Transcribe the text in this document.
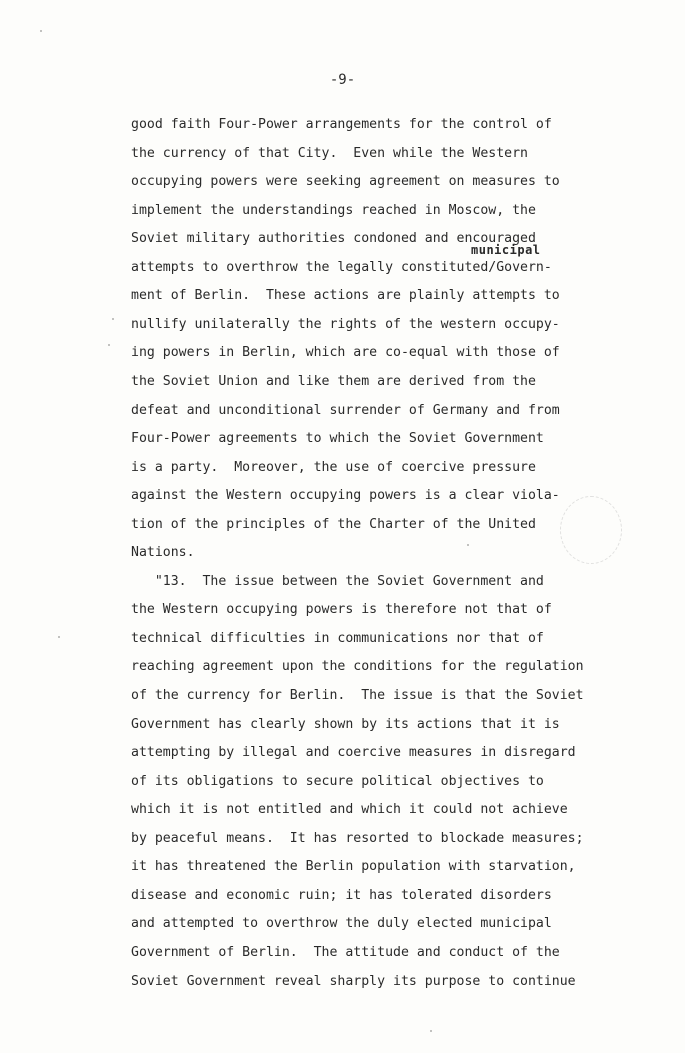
-9-
municipal
good faith Four-Power arrangements for the control of
the currency of that City.  Even while the Western
occupying powers were seeking agreement on measures to
implement the understandings reached in Moscow, the
Soviet military authorities condoned and encouraged
attempts to overthrow the legally constituted/Govern-
ment of Berlin.  These actions are plainly attempts to
nullify unilaterally the rights of the western occupy-
ing powers in Berlin, which are co-equal with those of
the Soviet Union and like them are derived from the
defeat and unconditional surrender of Germany and from
Four-Power agreements to which the Soviet Government
is a party.  Moreover, the use of coercive pressure
against the Western occupying powers is a clear viola-
tion of the principles of the Charter of the United
Nations.
"13.  The issue between the Soviet Government and
the Western occupying powers is therefore not that of
technical difficulties in communications nor that of
reaching agreement upon the conditions for the regulation
of the currency for Berlin.  The issue is that the Soviet
Government has clearly shown by its actions that it is
attempting by illegal and coercive measures in disregard
of its obligations to secure political objectives to
which it is not entitled and which it could not achieve
by peaceful means.  It has resorted to blockade measures;
it has threatened the Berlin population with starvation,
disease and economic ruin; it has tolerated disorders
and attempted to overthrow the duly elected municipal
Government of Berlin.  The attitude and conduct of the
Soviet Government reveal sharply its purpose to continue
